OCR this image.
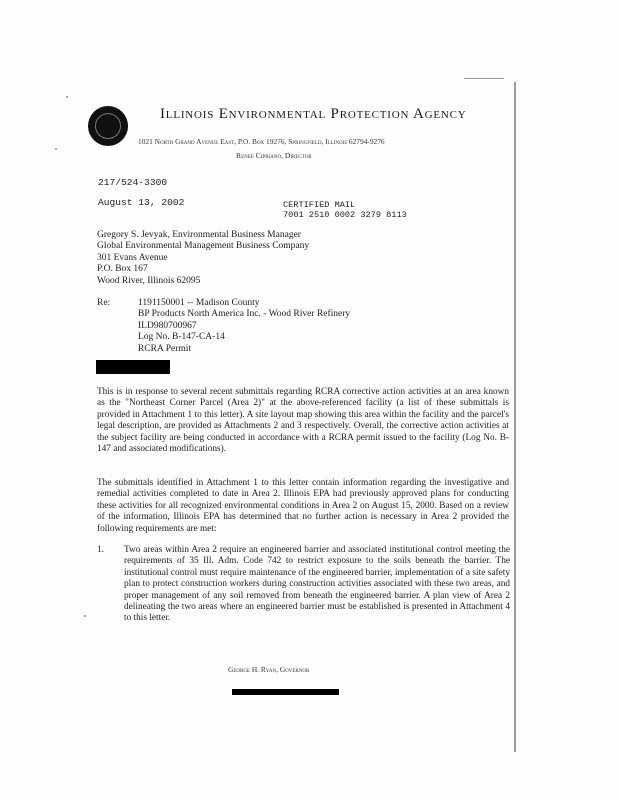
Illinois Environmental Protection Agency
1021 North Grand Avenue East, P.O. Box 19276, Springfield, Illinois 62794-9276
Renee Cipriano, Director
217/524-3300
August 13, 2002	CERTIFIED MAIL
7001 2510 0002 3279 8113
Gregory S. Jevyak, Environmental Business Manager
Global Environmental Management Business Company
301 Evans Avenue
P.O. Box 167
Wood River, Illinois 62095
Re:	1191150001 -- Madison County
BP Products North America Inc. - Wood River Refinery
ILD980700967
Log No. B-147-CA-14
RCRA Permit
This is in response to several recent submittals regarding RCRA corrective action activities at an area known as the "Northeast Corner Parcel (Area 2)" at the above-referenced facility (a list of these submittals is provided in Attachment 1 to this letter). A site layout map showing this area within the facility and the parcel's legal description, are provided as Attachments 2 and 3 respectively. Overall, the corrective action activities at the subject facility are being conducted in accordance with a RCRA permit issued to the facility (Log No. B-147 and associated modifications).
The submittals identified in Attachment 1 to this letter contain information regarding the investigative and remedial activities completed to date in Area 2. Illinois EPA had previously approved plans for conducting these activities for all recognized environmental conditions in Area 2 on August 15, 2000. Based on a review of the information, Illinois EPA has determined that no further action is necessary in Area 2 provided the following requirements are met:
1. Two areas within Area 2 require an engineered barrier and associated institutional control meeting the requirements of 35 Ill. Adm. Code 742 to restrict exposure to the soils beneath the barrier. The institutional control must require maintenance of the engineered barrier, implementation of a site safety plan to protect construction workers during construction activities associated with these two areas, and proper management of any soil removed from beneath the engineered barrier. A plan view of Area 2 delineating the two areas where an engineered barrier must be established is presented in Attachment 4 to this letter.
George H. Ryan, Governor
